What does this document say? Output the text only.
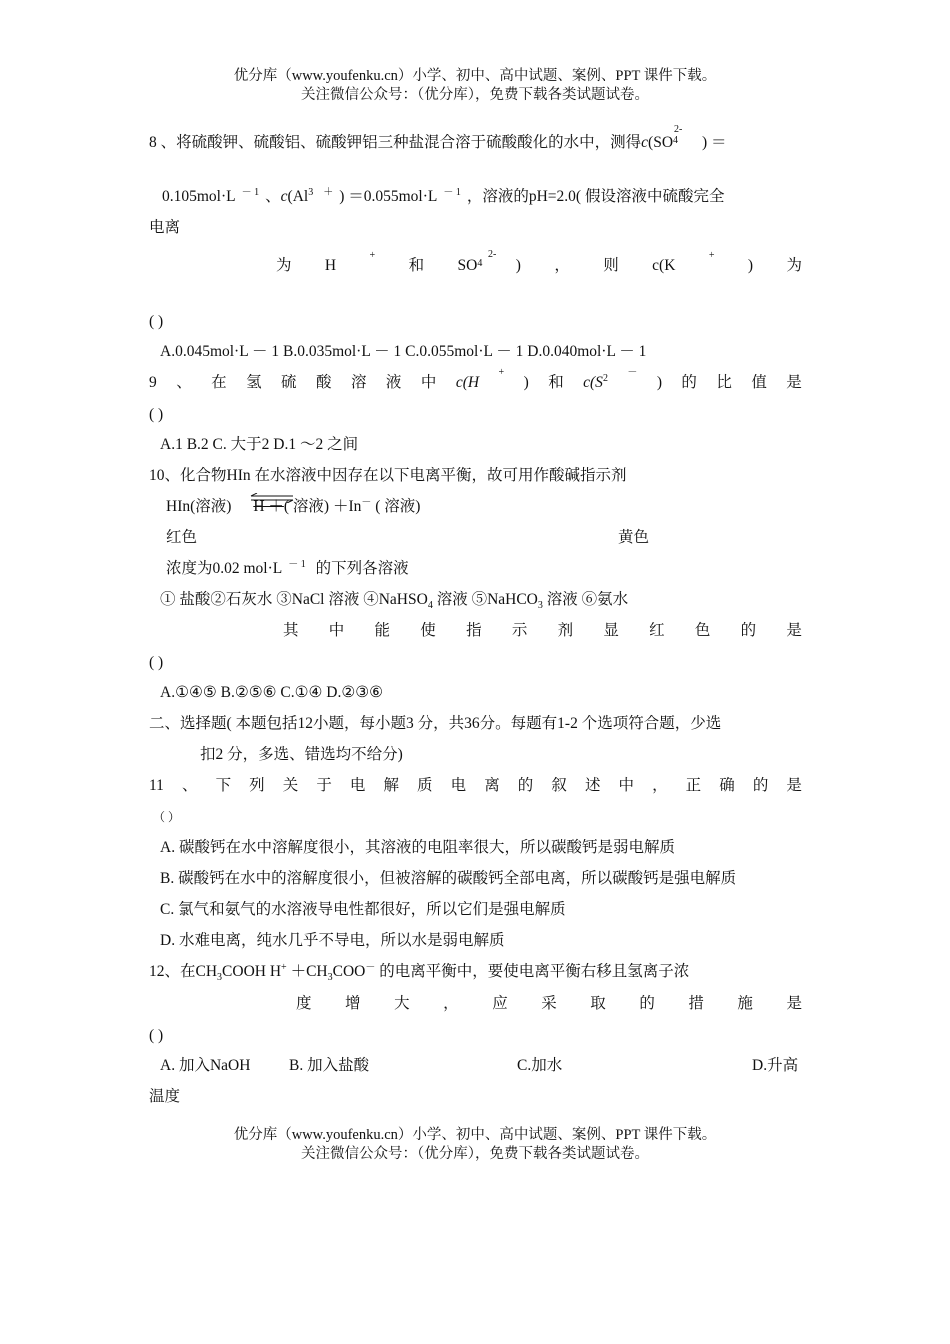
优分库（www.youfenku.cn）小学、初中、高中试题、案例、PPT 课件下载。
关注微信公众号：（优分库），免费下载各类试题试卷。
8 、将硫酸钾、硫酸铝、硫酸钾铝三种盐混合溶于硫酸酸化的水中，测得c(SO
2-
$^4$ ) ＝
0.105mol·L $^{- 1}$ 、c(Al$^3$ ＋ ) ＝0.055mol·L $^{- 1}$ ，溶液的pH=2.0( 假设溶液中硫酸完全
电离
为 H
+
和 SO
2-
$^4$ ) ， 则 c(K
+
) 为
( )
A.0.045mol·L － 1 B.0.035mol·L － 1 C.0.055mol·L － 1 D.0.040mol·L － 1
9 、 在 氢 硫 酸 溶 液 中 c(H
+
) 和 $c(S^2$
－
) 的 比 值 是
( )
A.1 B.2 C. 大于2 D.1 ～2 之间
10、化合物HIn 在水溶液中因存在以下电离平衡，故可用作酸碱指示剂
HIn(溶液) H ＋
( 溶液) ＋In－ ( 溶液)
红色	黄色
浓度为0.02 mol·L $^{- 1}$ 的下列各溶液
① 盐酸②石灰水 ③NaCl 溶液 ④NaHSO$_4$ 溶液 ⑤NaHCO$_3$ 溶液 ⑥氨水
其 中 能 使 指 示 剂 显 红 色 的 是
( )
A.①④⑤ B.②⑤⑥ C.①④ D.②③⑥
二、选择题( 本题包括12小题，每小题3 分，共36分。每题有1-2 个选项符合题，少选
扣2 分，多选、错选均不给分)
11 、 下 列 关 于 电 解 质 电 离 的 叙 述 中 ， 正 确 的 是
（ ）
A. 碳酸钙在水中溶解度很小，其溶液的电阻率很大，所以碳酸钙是弱电解质
B. 碳酸钙在水中的溶解度很小，但被溶解的碳酸钙全部电离，所以碳酸钙是强电解质
C. 氯气和氨气的水溶液导电性都很好，所以它们是强电解质
D. 水难电离，纯水几乎不导电，所以水是弱电解质
12、在$CH_3COOH$ $H^+ +CH_3COO^-$ 的电离平衡中，要使电离平衡右移且氢离子浓
度 增 大 ， 应 采 取 的 措 施 是
( )
A. 加入NaOH B. 加入盐酸	C.加水	D.升高
温度
优分库（www.youfenku.cn）小学、初中、高中试题、案例、PPT 课件下载。
关注微信公众号：（优分库），免费下载各类试题试卷。
